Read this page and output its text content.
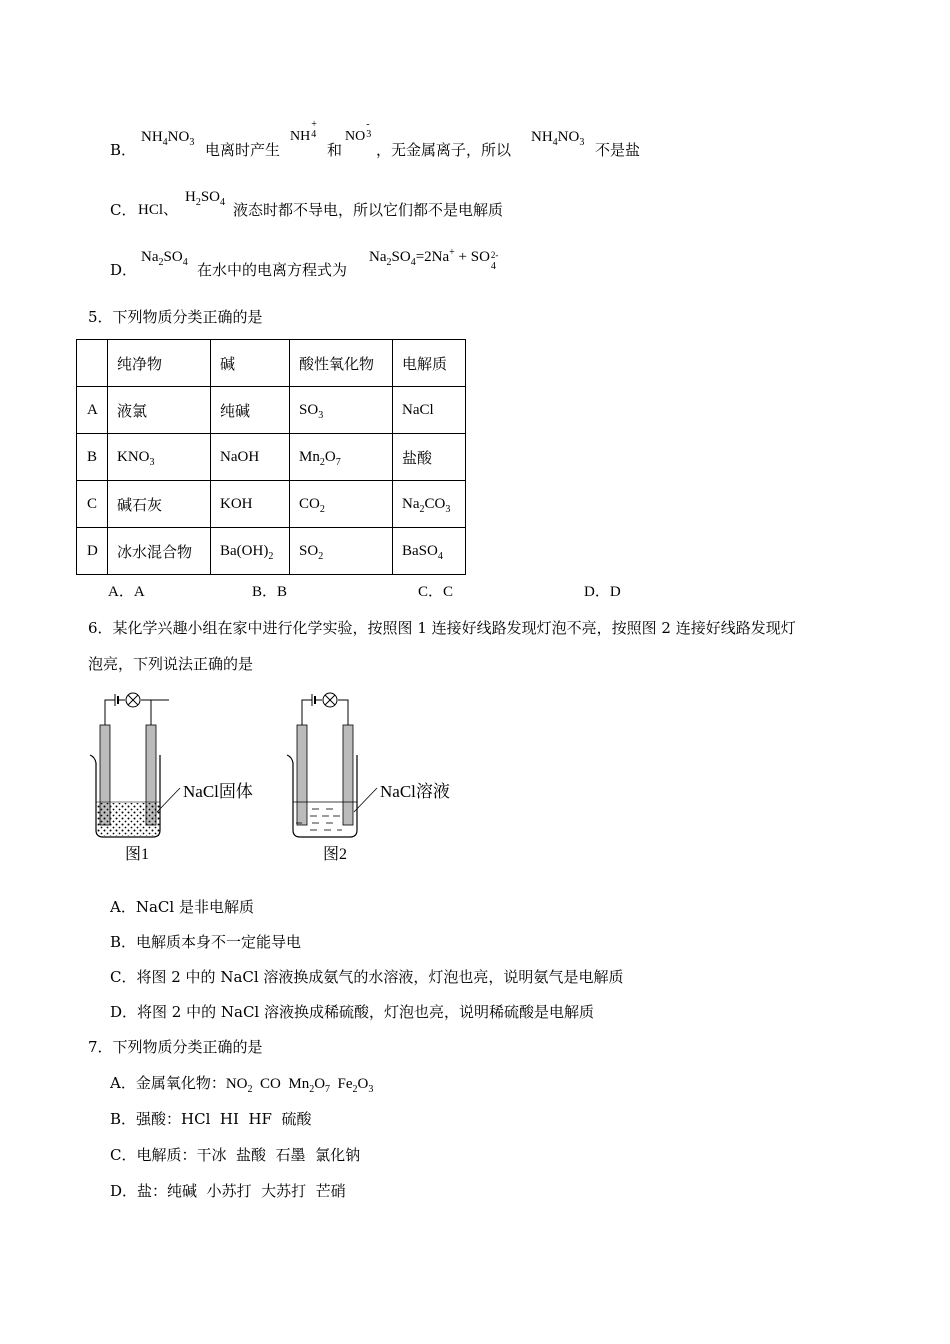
B．
$NH_4NO_3$ 电离时产生
NH 4
+
和
NO 3
-
，无金属离子，所以
$NH_4NO_3$ 不是盐
C． HCl、
$H_2SO_4$ 液态时都不导电，所以它们都不是电解质
D．
$Na_2SO_4$ 在水中的电离方程式为
$Na_2SO_4=2Na^+$ + SO
4
2-
5．下列物质分类正确的是
	纯净物	碱	酸性氧化物	电解质
A	液氯	纯碱	$SO_3$	NaCl
B	$KNO_3$	NaOH	$Mn_2O_7$	盐酸
C	碱石灰	KOH	$CO_2$	$Na_2CO_3$
D	冰水混合物	$Ba(OH)_2$	$SO_2$	BaSO$_4$
A．A	B．B	C．C	D．D
6．某化学兴趣小组在家中进行化学实验，按照图 1 连接好线路发现灯泡不亮，按照图 2 连接好线路发现灯
泡亮，下列说法正确的是
NaCl固体
图1
NaCl溶液
图2
A．NaCl 是非电解质
B．电解质本身不一定能导电
C．将图 2 中的 NaCl 溶液换成氨气的水溶液，灯泡也亮，说明氨气是电解质
D．将图 2 中的 NaCl 溶液换成稀硫酸，灯泡也亮，说明稀硫酸是电解质
7．下列物质分类正确的是
A．金属氧化物：$NO_2$  CO  $Mn_2O_7$  $Fe_2O_3$
B．强酸：HCl  HI  HF  硫酸
C．电解质：干冰  盐酸  石墨  氯化钠
D．盐：纯碱  小苏打  大苏打  芒硝
